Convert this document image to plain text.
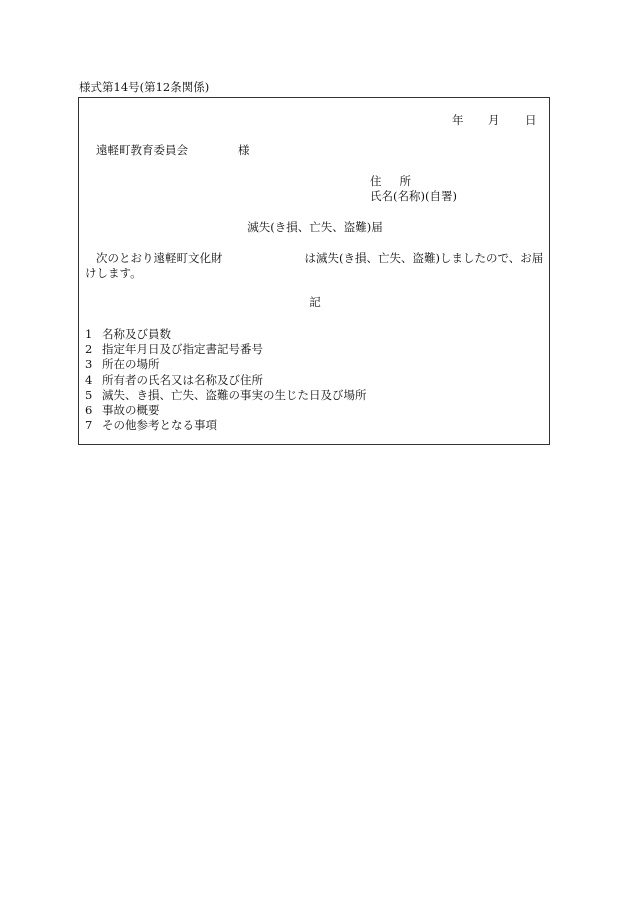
様式第14号(第12条関係)
年 月 日
遠軽町教育委員会	様
住所
氏名(名称)(自署)
滅失(き損、亡失、盗難)届
次のとおり遠軽町文化財	は滅失(き損、亡失、盗難)しましたので、お届けします。
記
1 名称及び員数
2 指定年月日及び指定書記号番号
3 所在の場所
4 所有者の氏名又は名称及び住所
5 滅失、き損、亡失、盗難の事実の生じた日及び場所
6 事故の概要
7 その他参考となる事項
